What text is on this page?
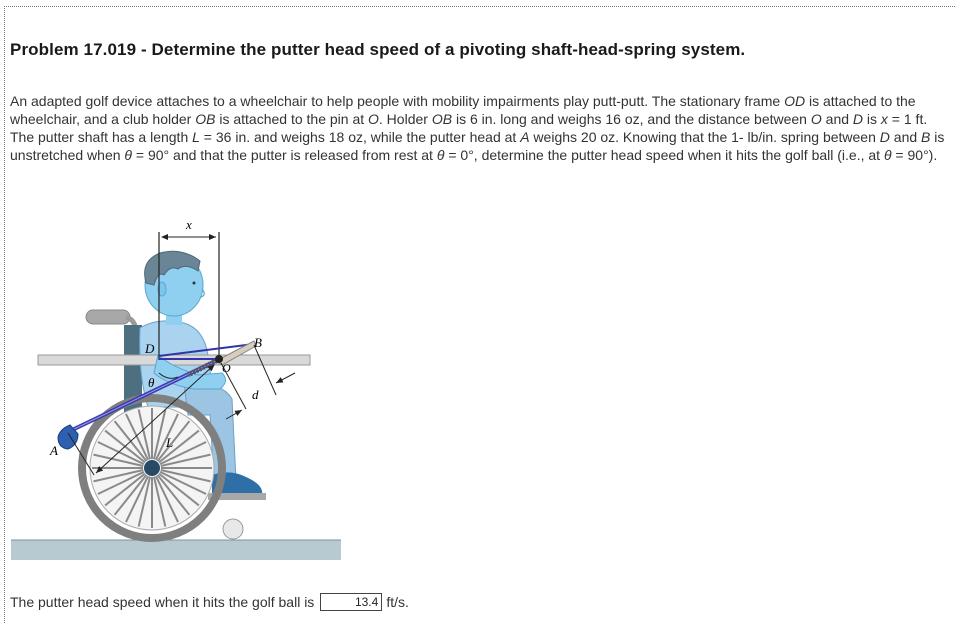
Problem 17.019 - Determine the putter head speed of a pivoting shaft-head-spring system.

An adapted golf device attaches to a wheelchair to help people with mobility impairments play putt-putt. The stationary frame OD is attached to the wheelchair, and a club holder OB is attached to the pin at O. Holder OB is 6 in. long and weighs 16 oz, and the distance between O and D is x = 1 ft. The putter shaft has a length L = 36 in. and weighs 18 oz, while the putter head at A weighs 20 oz. Knowing that the 1- lb/in. spring between D and B is unstretched when θ = 90° and that the putter is released from rest at θ = 0°, determine the putter head speed when it hits the golf ball (i.e., at θ = 90°).

x
D	B
O
θ
d
L
A
The putter head speed when it hits the golf ball is
13.4	ft/s.
